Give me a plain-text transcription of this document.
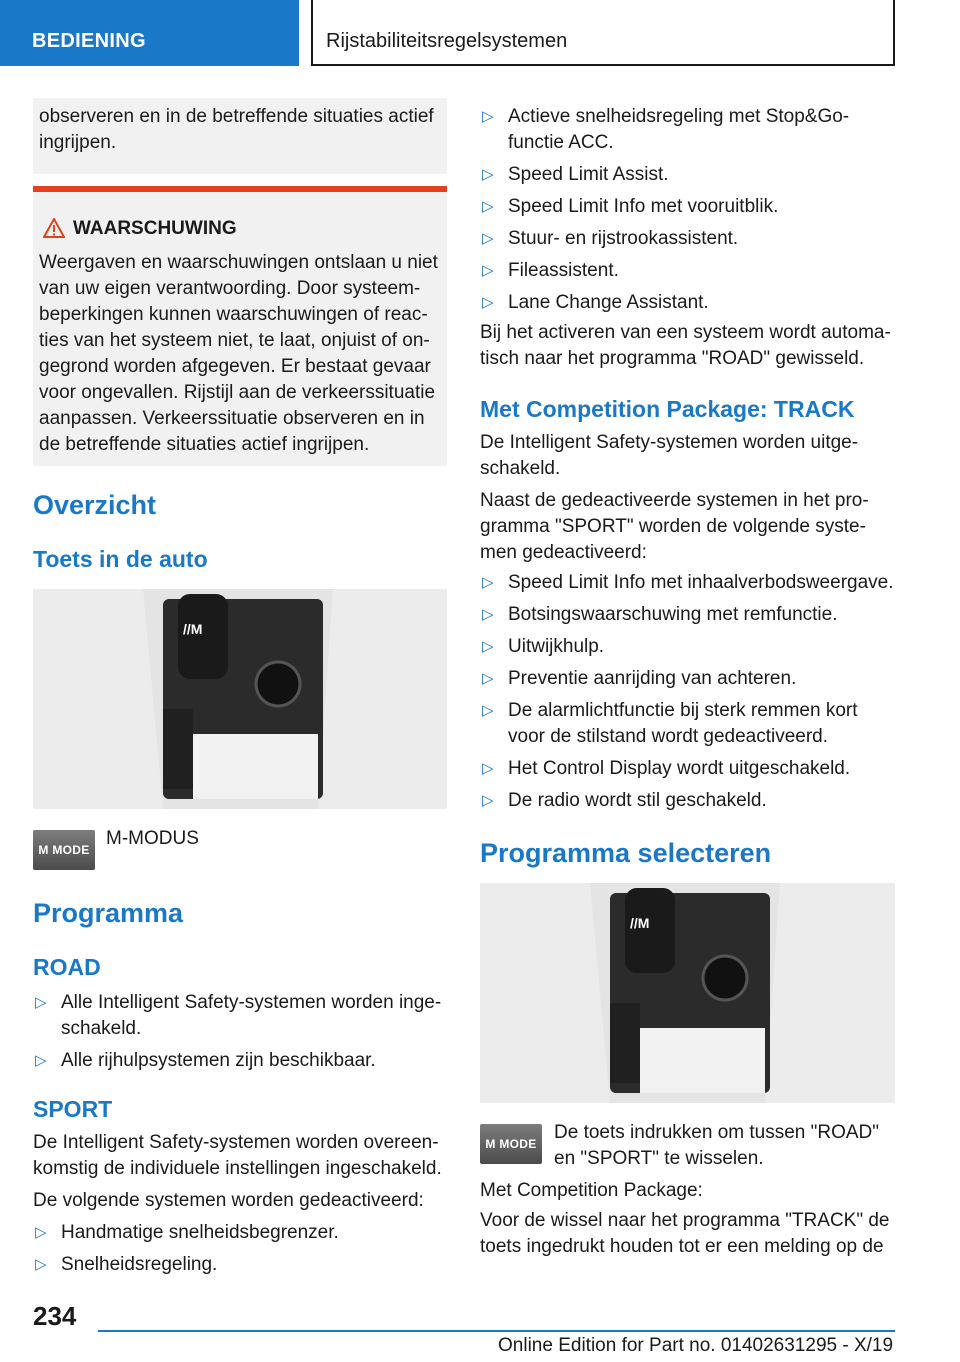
BEDIENING	Rijstabiliteitsregelsystemen

observeren en in de betreffende situaties actief ingrijpen.

WAARSCHUWING
Weergaven en waarschuwingen ontslaan u niet van uw eigen verantwoording. Door systeem- beperkingen kunnen waarschuwingen of reac- ties van het systeem niet, te laat, onjuist of on- gegrond worden afgegeven. Er bestaat gevaar voor ongevallen. Rijstijl aan de verkeerssituatie aanpassen. Verkeerssituatie observeren en in de betreffende situaties actief ingrijpen.
Overzicht
Toets in de auto
//M
M MODE
M-MODUS
Programma
ROAD
▷ Alle Intelligent Safety-systemen worden inge- schakeld.
▷ Alle rijhulpsystemen zijn beschikbaar.
SPORT
De Intelligent Safety-systemen worden overeen- komstig de individuele instellingen ingeschakeld.
De volgende systemen worden gedeactiveerd:
▷ Handmatige snelheidsbegrenzer.
▷ Snelheidsregeling.
▷ Actieve snelheidsregeling met Stop&Go- functie ACC.
▷ Speed Limit Assist.
▷ Speed Limit Info met vooruitblik.
▷ Stuur- en rijstrookassistent.
▷ Fileassistent.
▷ Lane Change Assistant.
Bij het activeren van een systeem wordt automa- tisch naar het programma "ROAD" gewisseld.
Met Competition Package: TRACK
De Intelligent Safety-systemen worden uitge- schakeld.
Naast de gedeactiveerde systemen in het pro- gramma "SPORT" worden de volgende syste- men gedeactiveerd:
▷ Speed Limit Info met inhaalverbodsweergave.
▷ Botsingswaarschuwing met remfunctie.
▷ Uitwijkhulp.
▷ Preventie aanrijding van achteren.
▷ De alarmlichtfunctie bij sterk remmen kort voor de stilstand wordt gedeactiveerd.
▷ Het Control Display wordt uitgeschakeld.
▷ De radio wordt stil geschakeld.
Programma selecteren
//M
M MODE
De toets indrukken om tussen "ROAD" en "SPORT" te wisselen.
Met Competition Package:
Voor de wissel naar het programma "TRACK" de toets ingedrukt houden tot er een melding op de
234
Online Edition for Part no. 01402631295 - X/19
